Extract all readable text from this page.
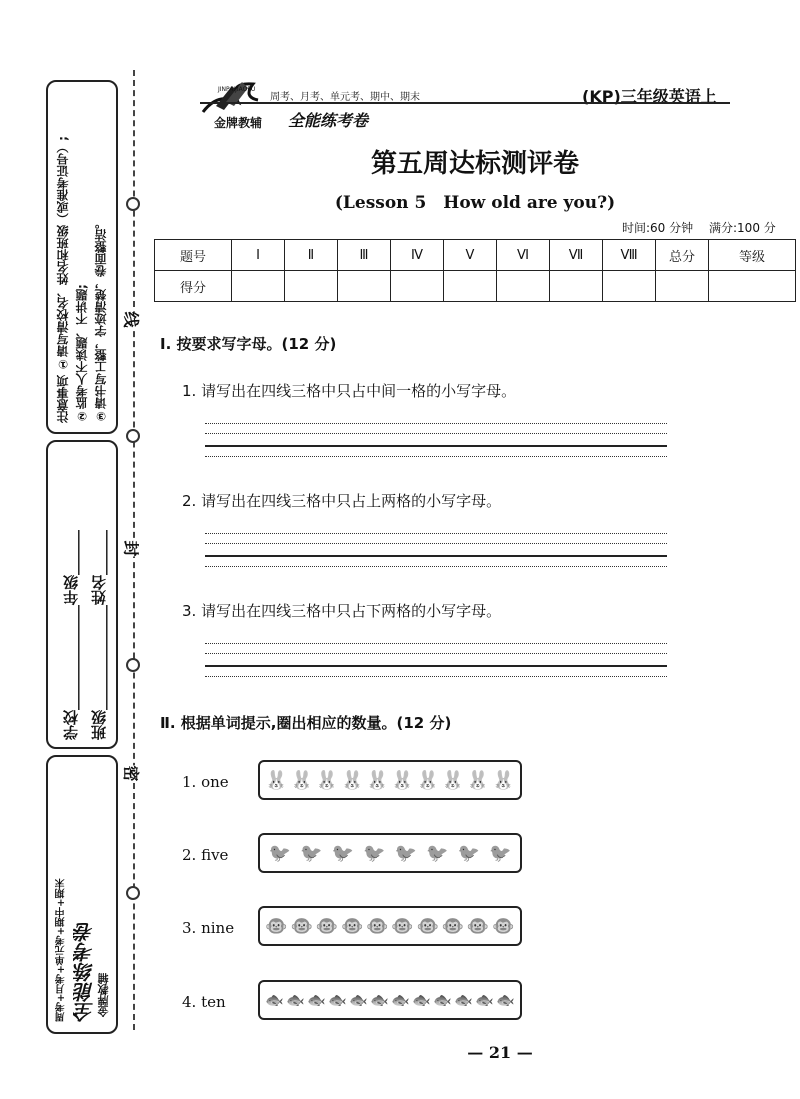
注意事项 ①请写清校名、姓名和班级（或准考证号）; ②监考人不读题、不讲题; ③请书写工整，字迹清楚，卷面整洁。
学校______________年级______
班级______________姓名______
周考+月考+单元考+期中+期末 全能练考卷 金牌教辅
线
封
密
JINPAIJIAOFU
金牌教辅
周考、月考、单元考、期中、期末
全能练考卷
(KP)三年级英语上
第五周达标测评卷
(Lesson 5　How old are you?)
时间:60 分钟 满分:100 分
题号	Ⅰ	Ⅱ	Ⅲ	Ⅳ	Ⅴ	Ⅵ	Ⅶ	Ⅷ	总分	等级
得分										
Ⅰ. 按要求写字母。(12 分)
1. 请写出在四线三格中只占中间一格的小写字母。
2. 请写出在四线三格中只占上两格的小写字母。
3. 请写出在四线三格中只占下两格的小写字母。
Ⅱ. 根据单词提示,圈出相应的数量。(12 分)
1. one 🐰 🐰 🐰 🐰 🐰 🐰 🐰 🐰 🐰 🐰
2. five 🐦 🐦 🐦 🐦 🐦 🐦 🐦 🐦
3. nine 🐵 🐵 🐵 🐵 🐵 🐵 🐵 🐵 🐵 🐵
4. ten	🐟 🐟 🐟 🐟 🐟 🐟 🐟 🐟 🐟 🐟 🐟 🐟
— 21 —
